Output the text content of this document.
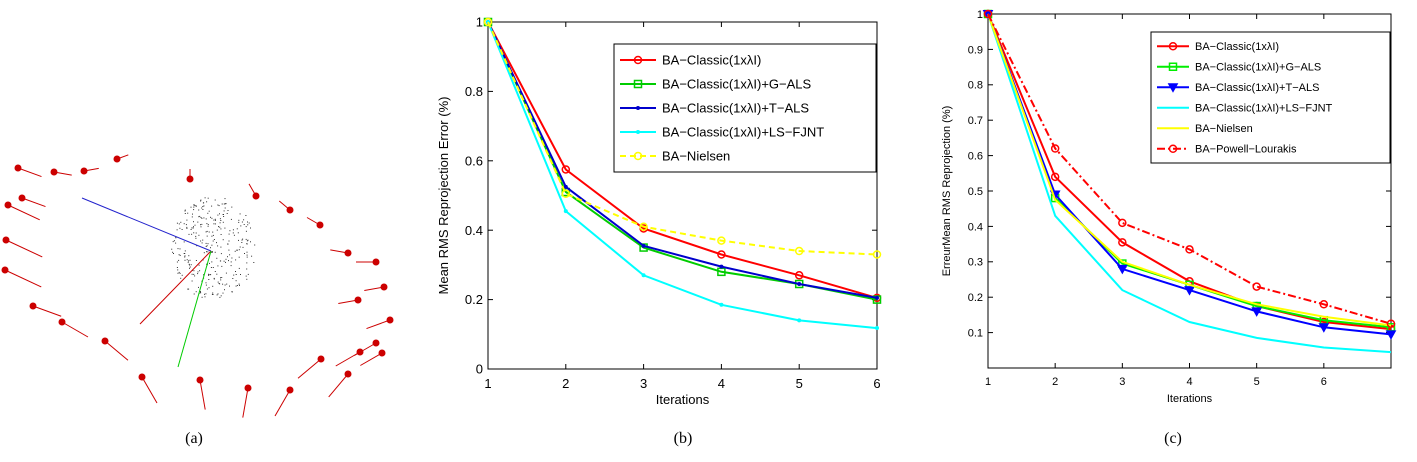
1	2	3	4	5	6
0
0.2
0.4
0.6
0.8
1
Iterations
Mean RMS Reprojection Error (%)
BA−Classic(1xλI)
BA−Classic(1xλI)+G−ALS
BA−Classic(1xλI)+T−ALS
BA−Classic(1xλI)+LS−FJNT
BA−Nielsen
1	2	3	4	5	6
0.1
0.2
0.3
0.4
0.5
0.6
0.7
0.8
0.9
1
Iterations
ErreurMean RMS Reprojection (%)
BA−Classic(1xλI)
BA−Classic(1xλI)+G−ALS
BA−Classic(1xλI)+T−ALS
BA−Classic(1xλI)+LS−FJNT
BA−Nielsen
BA−Powell−Lourakis
(a)	(b)	(c)
